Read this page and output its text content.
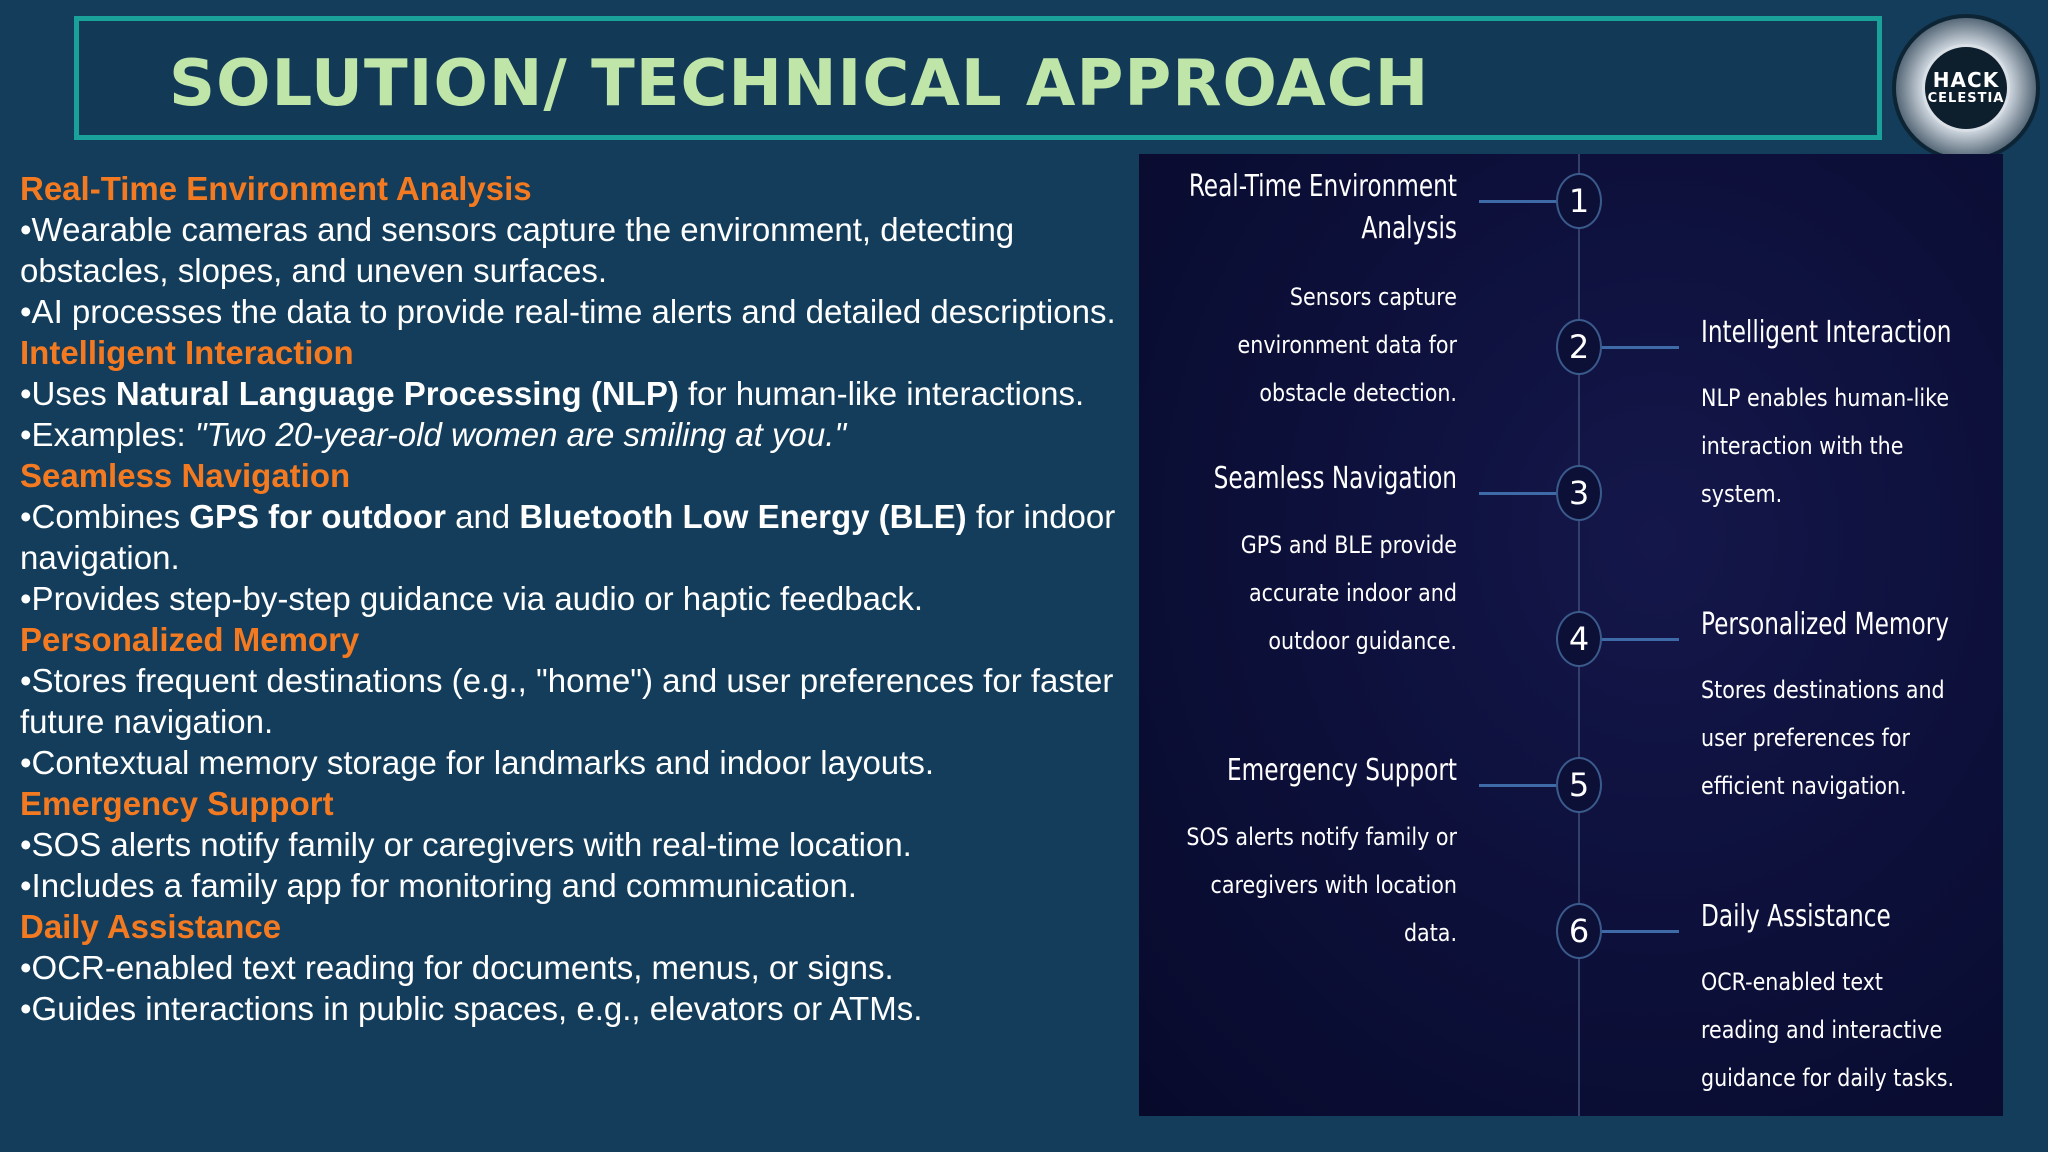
SOLUTION/ TECHNICAL APPROACH	HACK
CELESTIA
Real-Time Environment Analysis
•Wearable cameras and sensors capture the environment, detecting obstacles, slopes, and uneven surfaces.
•AI processes the data to provide real-time alerts and detailed descriptions.
Intelligent Interaction
•Uses Natural Language Processing (NLP) for human-like interactions.
•Examples: "Two 20-year-old women are smiling at you."
Seamless Navigation
•Combines GPS for outdoor and Bluetooth Low Energy (BLE) for indoor navigation.
•Provides step-by-step guidance via audio or haptic feedback.
Personalized Memory
•Stores frequent destinations (e.g., "home") and user preferences for faster future navigation.
•Contextual memory storage for landmarks and indoor layouts.
Emergency Support
•SOS alerts notify family or caregivers with real-time location.
•Includes a family app for monitoring and communication.
Daily Assistance
•OCR-enabled text reading for documents, menus, or signs.
•Guides interactions in public spaces, e.g., elevators or ATMs.
1
Real-Time Environment Analysis
Sensors capture environment data for obstacle detection.
2	Intelligent Interaction
NLP enables human-like interaction with the system.
3
Seamless Navigation
GPS and BLE provide accurate indoor and outdoor guidance.	4	Personalized Memory
Stores destinations and user preferences for efficient navigation.
5
Emergency Support
SOS alerts notify family or caregivers with location data.	6	Daily Assistance
OCR-enabled text reading and interactive guidance for daily tasks.
